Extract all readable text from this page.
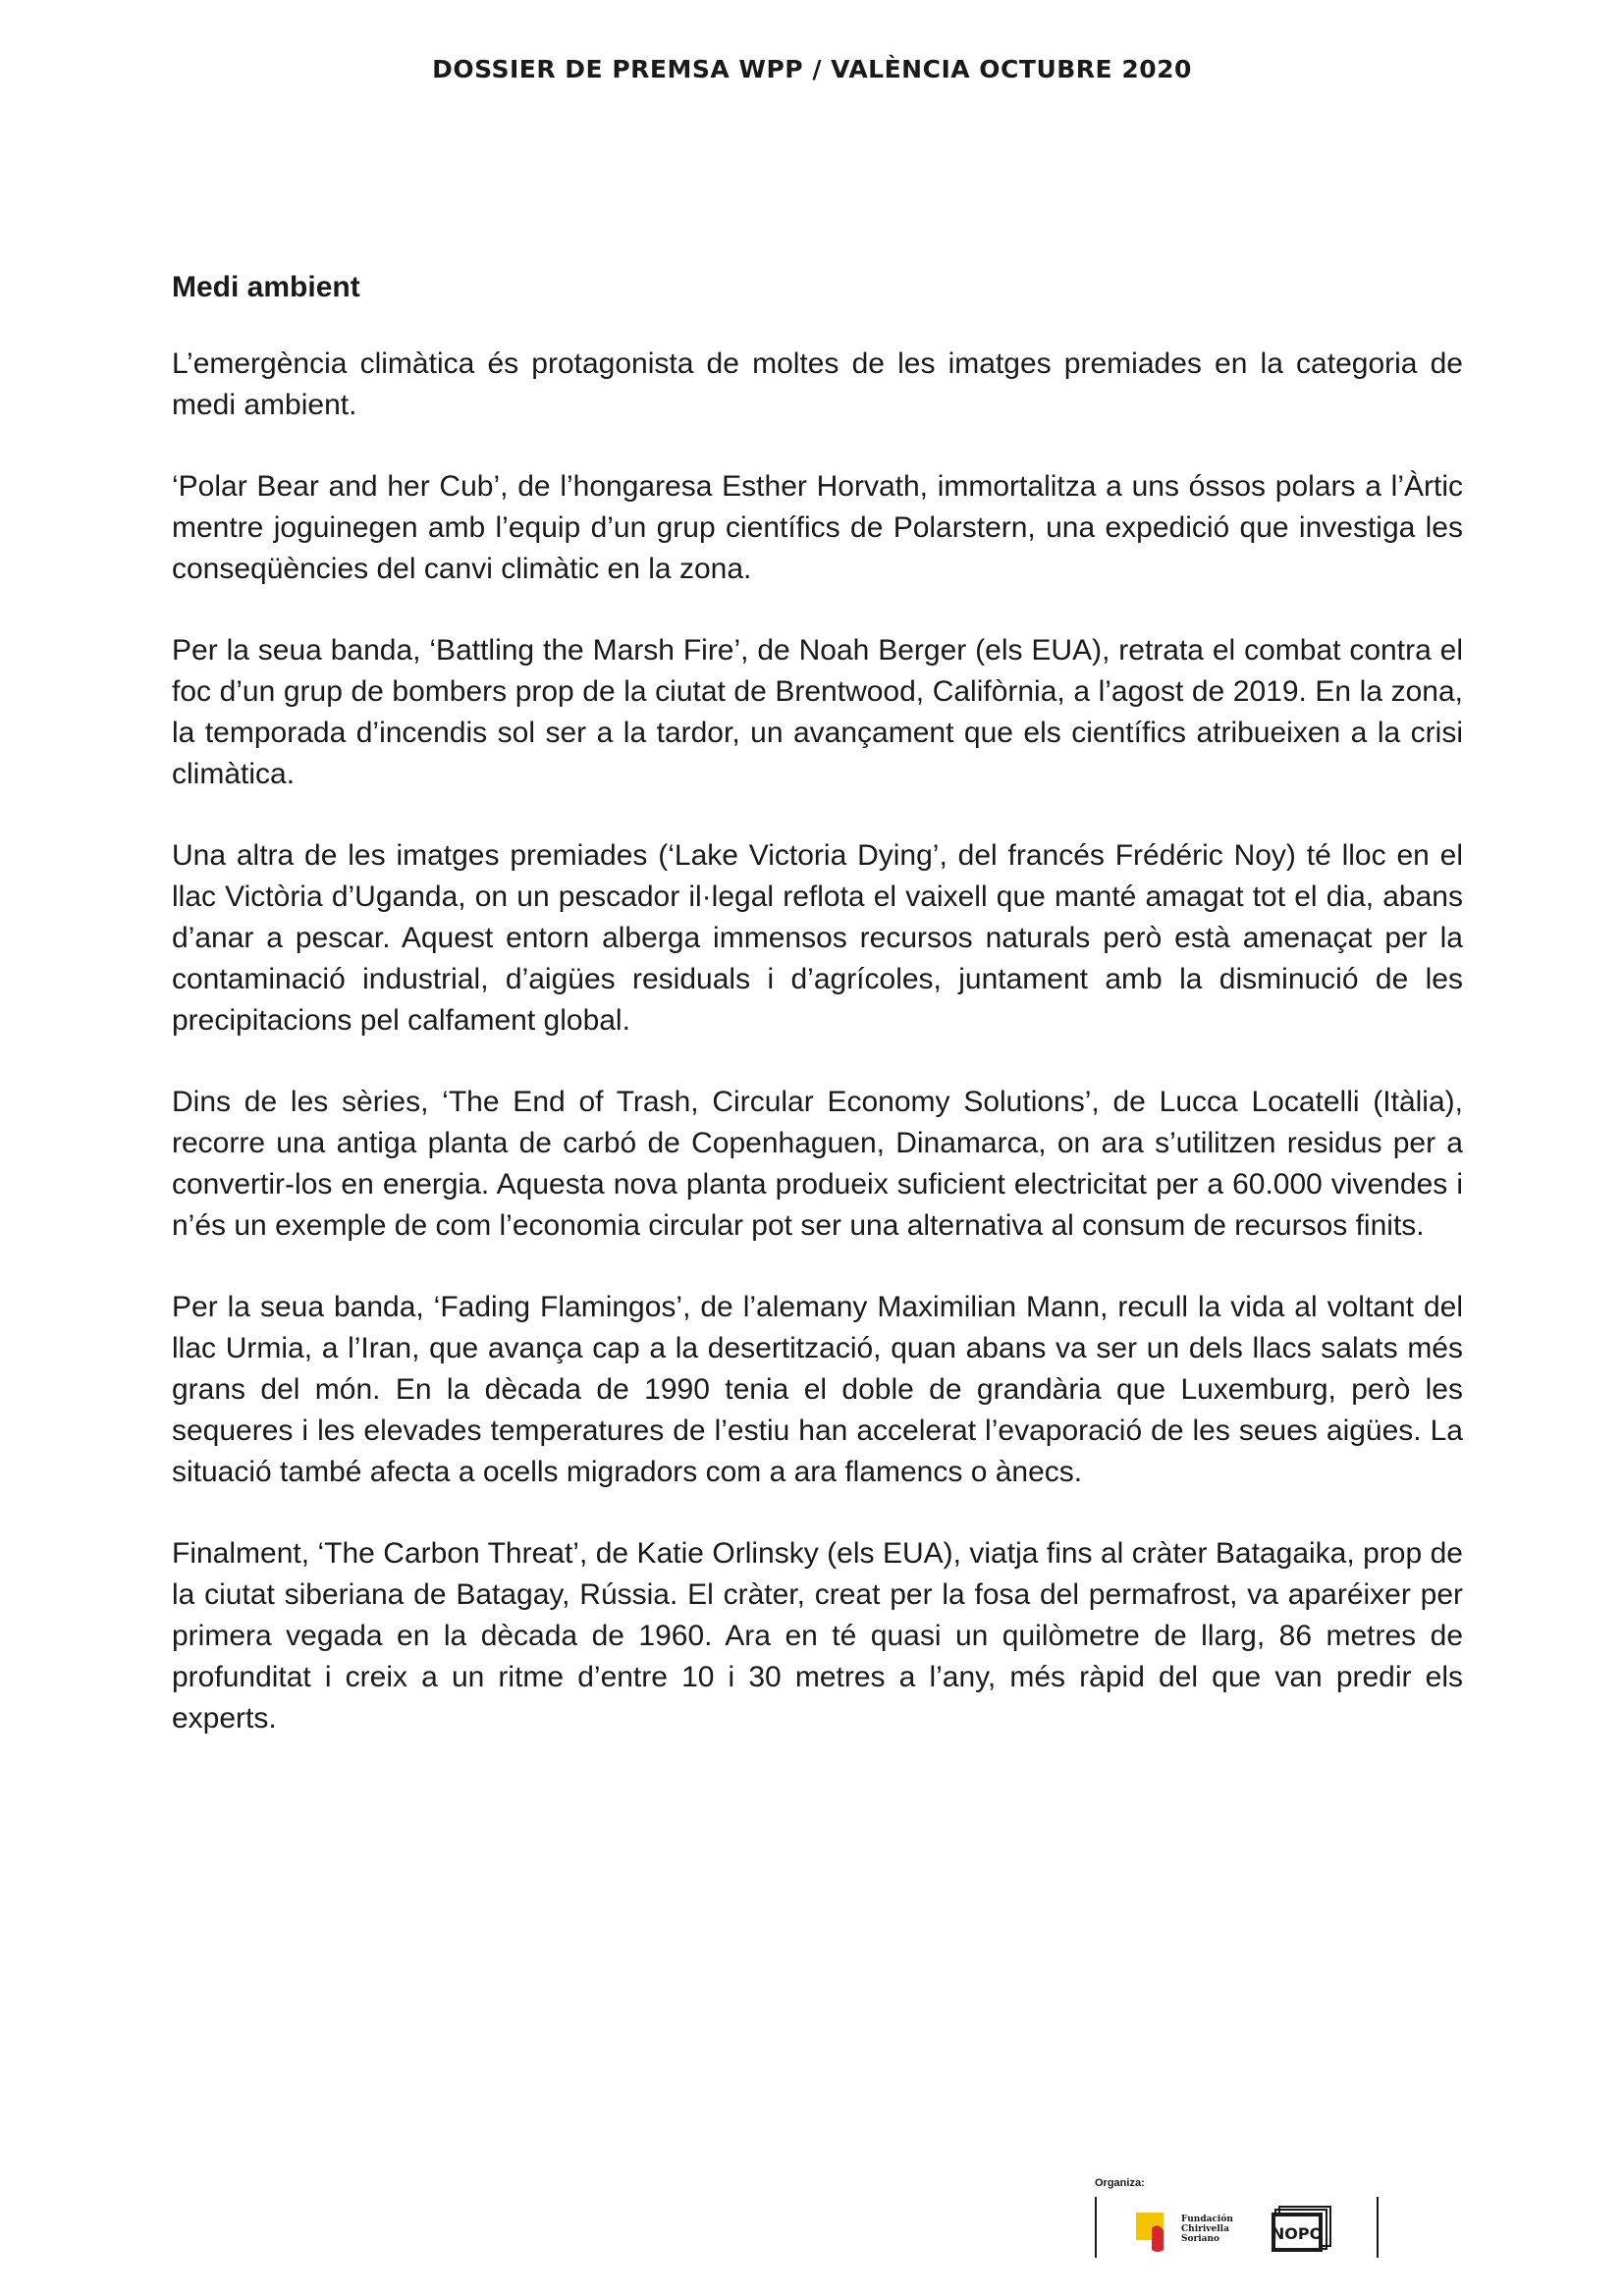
DOSSIER DE PREMSA WPP / VALÈNCIA OCTUBRE 2020
Medi ambient

L’emergència climàtica és protagonista de moltes de les imatges premiades en la categoria de medi ambient.

‘Polar Bear and her Cub’, de l’hongaresa Esther Horvath, immortalitza a uns óssos polars a l’Àrtic mentre joguinegen amb l’equip d’un grup científics de Polarstern, una expedició que investiga les conseqüències del canvi climàtic en la zona.

Per la seua banda, ‘Battling the Marsh Fire’, de Noah Berger (els EUA), retrata el combat contra el foc d’un grup de bombers prop de la ciutat de Brentwood, Califòrnia, a l’agost de 2019. En la zona, la temporada d’incendis sol ser a la tardor, un avançament que els científics atribueixen a la crisi climàtica.

Una altra de les imatges premiades (‘Lake Victoria Dying’, del francés Frédéric Noy) té lloc en el llac Victòria d’Uganda, on un pescador il·legal reflota el vaixell que manté amagat tot el dia, abans d’anar a pescar. Aquest entorn alberga immensos recursos naturals però està amenaçat per la contaminació industrial, d’aigües residuals i d’agrícoles, juntament amb la disminució de les precipitacions pel calfament global.

Dins de les sèries, ‘The End of Trash, Circular Economy Solutions’, de Lucca Locatelli (Itàlia), recorre una antiga planta de carbó de Copenhaguen, Dinamarca, on ara s’utilitzen residus per a convertir-los en energia. Aquesta nova planta produeix suficient electricitat per a 60.000 vivendes i n’és un exemple de com l’economia circular pot ser una alternativa al consum de recursos finits.

Per la seua banda, ‘Fading Flamingos’, de l’alemany Maximilian Mann, recull la vida al voltant del llac Urmia, a l’Iran, que avança cap a la desertització, quan abans va ser un dels llacs salats més grans del món. En la dècada de 1990 tenia el doble de grandària que Luxemburg, però les sequeres i les elevades temperatures de l’estiu han accelerat l’evaporació de les seues aigües. La situació també afecta a ocells migradors com a ara flamencs o ànecs.

Finalment, ‘The Carbon Threat’, de Katie Orlinsky (els EUA), viatja fins al cràter Batagaika, prop de la ciutat siberiana de Batagay, Rússia. El cràter, creat per la fosa del permafrost, va aparéixer per primera vegada en la dècada de 1960. Ara en té quasi un quilòmetre de llarg, 86 metres de profunditat i creix a un ritme d’entre 10 i 30 metres a l’any, més ràpid del que van predir els experts.

Organiza:
Fundación
Chirivella
Soriano	NOPO
